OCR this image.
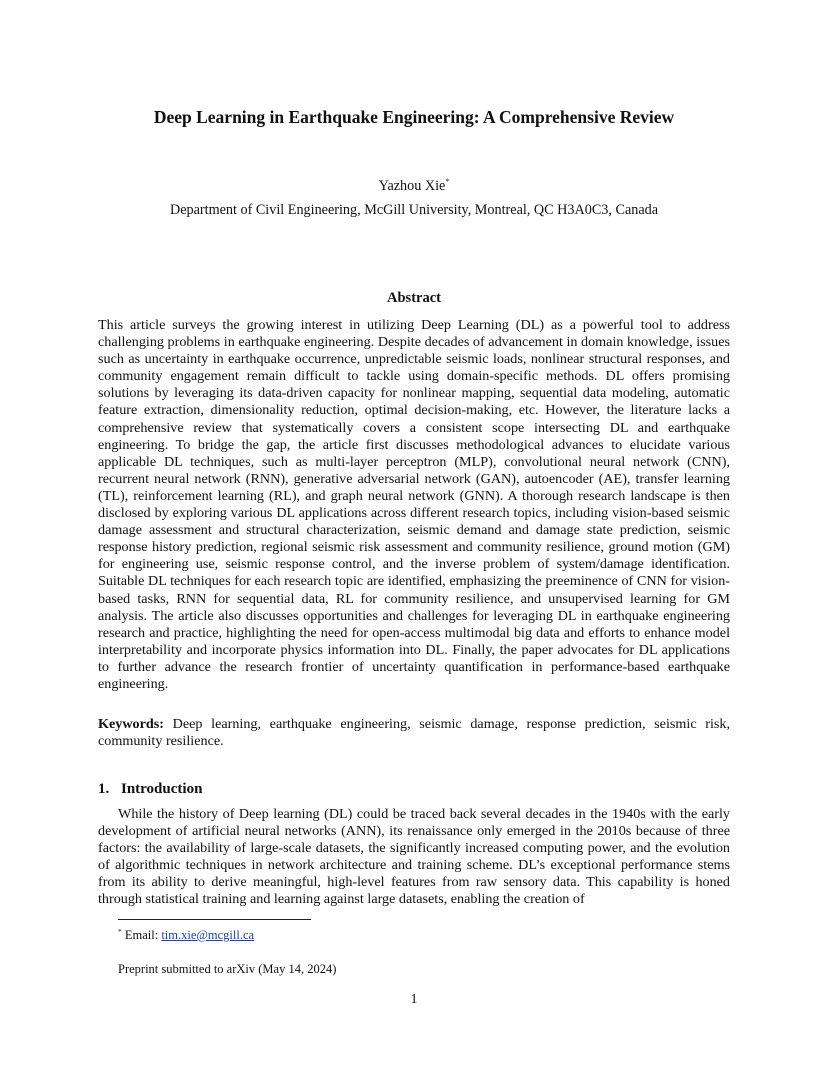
Deep Learning in Earthquake Engineering: A Comprehensive Review
Yazhou Xie*
Department of Civil Engineering, McGill University, Montreal, QC H3A0C3, Canada
Abstract

This article surveys the growing interest in utilizing Deep Learning (DL) as a powerful tool to address challenging problems in earthquake engineering. Despite decades of advancement in domain knowledge, issues such as uncertainty in earthquake occurrence, unpredictable seismic loads, nonlinear structural responses, and community engagement remain difficult to tackle using domain-specific methods. DL offers promising solutions by leveraging its data-driven capacity for nonlinear mapping, sequential data modeling, automatic feature extraction, dimensionality reduction, optimal decision-making, etc. However, the literature lacks a comprehensive review that systematically covers a consistent scope intersecting DL and earthquake engineering. To bridge the gap, the article first discusses methodological advances to elucidate various applicable DL techniques, such as multi-layer perceptron (MLP), convolutional neural network (CNN), recurrent neural network (RNN), generative adversarial network (GAN), autoencoder (AE), transfer learning (TL), reinforcement learning (RL), and graph neural network (GNN). A thorough research landscape is then disclosed by exploring various DL applications across different research topics, including vision-based seismic damage assessment and structural characterization, seismic demand and damage state prediction, seismic response history prediction, regional seismic risk assessment and community resilience, ground motion (GM) for engineering use, seismic response control, and the inverse problem of system/damage identification. Suitable DL techniques for each research topic are identified, emphasizing the preeminence of CNN for vision-based tasks, RNN for sequential data, RL for community resilience, and unsupervised learning for GM analysis. The article also discusses opportunities and challenges for leveraging DL in earthquake engineering research and practice, highlighting the need for open-access multimodal big data and efforts to enhance model interpretability and incorporate physics information into DL. Finally, the paper advocates for DL applications to further advance the research frontier of uncertainty quantification in performance-based earthquake engineering.

Keywords: Deep learning, earthquake engineering, seismic damage, response prediction, seismic risk, community resilience.

1. Introduction

While the history of Deep learning (DL) could be traced back several decades in the 1940s with the early development of artificial neural networks (ANN), its renaissance only emerged in the 2010s because of three factors: the availability of large-scale datasets, the significantly increased computing power, and the evolution of algorithmic techniques in network architecture and training scheme. DL’s exceptional performance stems from its ability to derive meaningful, high-level features from raw sensory data. This capability is honed through statistical training and learning against large datasets, enabling the creation of

* Email: tim.xie@mcgill.ca
Preprint submitted to arXiv (May 14, 2024)
1
